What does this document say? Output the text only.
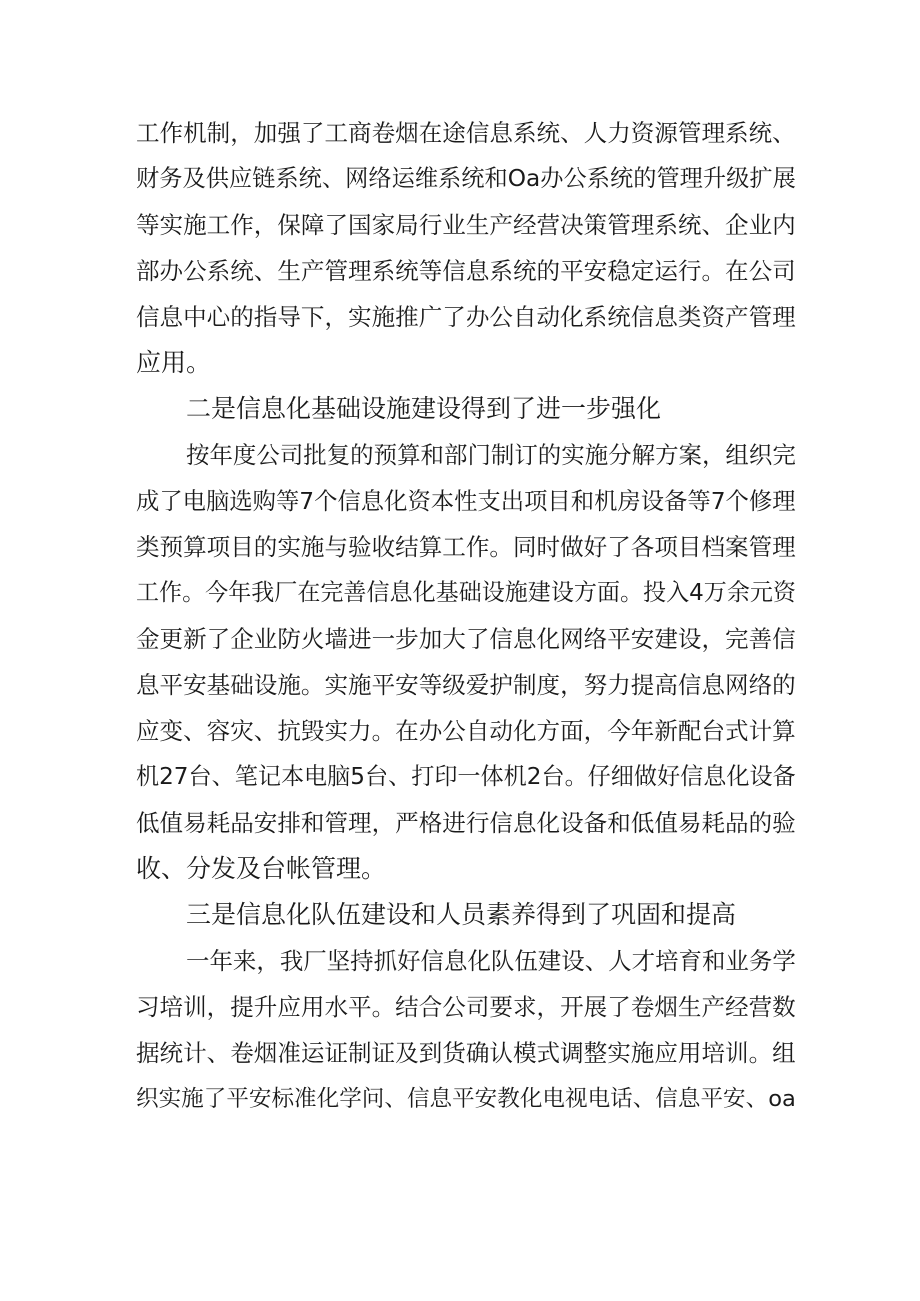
工作机制，加强了工商卷烟在途信息系统、人力资源管理系统、
财务及供应链系统、网络运维系统和Oa办公系统的管理升级扩展
等实施工作，保障了国家局行业生产经营决策管理系统、企业内
部办公系统、生产管理系统等信息系统的平安稳定运行。在公司
信息中心的指导下，实施推广了办公自动化系统信息类资产管理
应用。
二是信息化基础设施建设得到了进一步强化
按年度公司批复的预算和部门制订的实施分解方案，组织完
成了电脑选购等7个信息化资本性支出项目和机房设备等7个修理
类预算项目的实施与验收结算工作。同时做好了各项目档案管理
工作。今年我厂在完善信息化基础设施建设方面。投入4万余元资
金更新了企业防火墙进一步加大了信息化网络平安建设，完善信
息平安基础设施。实施平安等级爱护制度，努力提高信息网络的
应变、容灾、抗毁实力。在办公自动化方面，今年新配台式计算
机27台、笔记本电脑5台、打印一体机2台。仔细做好信息化设备
低值易耗品安排和管理，严格进行信息化设备和低值易耗品的验
收、分发及台帐管理。
三是信息化队伍建设和人员素养得到了巩固和提高
一年来，我厂坚持抓好信息化队伍建设、人才培育和业务学
习培训，提升应用水平。结合公司要求，开展了卷烟生产经营数
据统计、卷烟准运证制证及到货确认模式调整实施应用培训。组
织实施了平安标准化学问、信息平安教化电视电话、信息平安、oa
